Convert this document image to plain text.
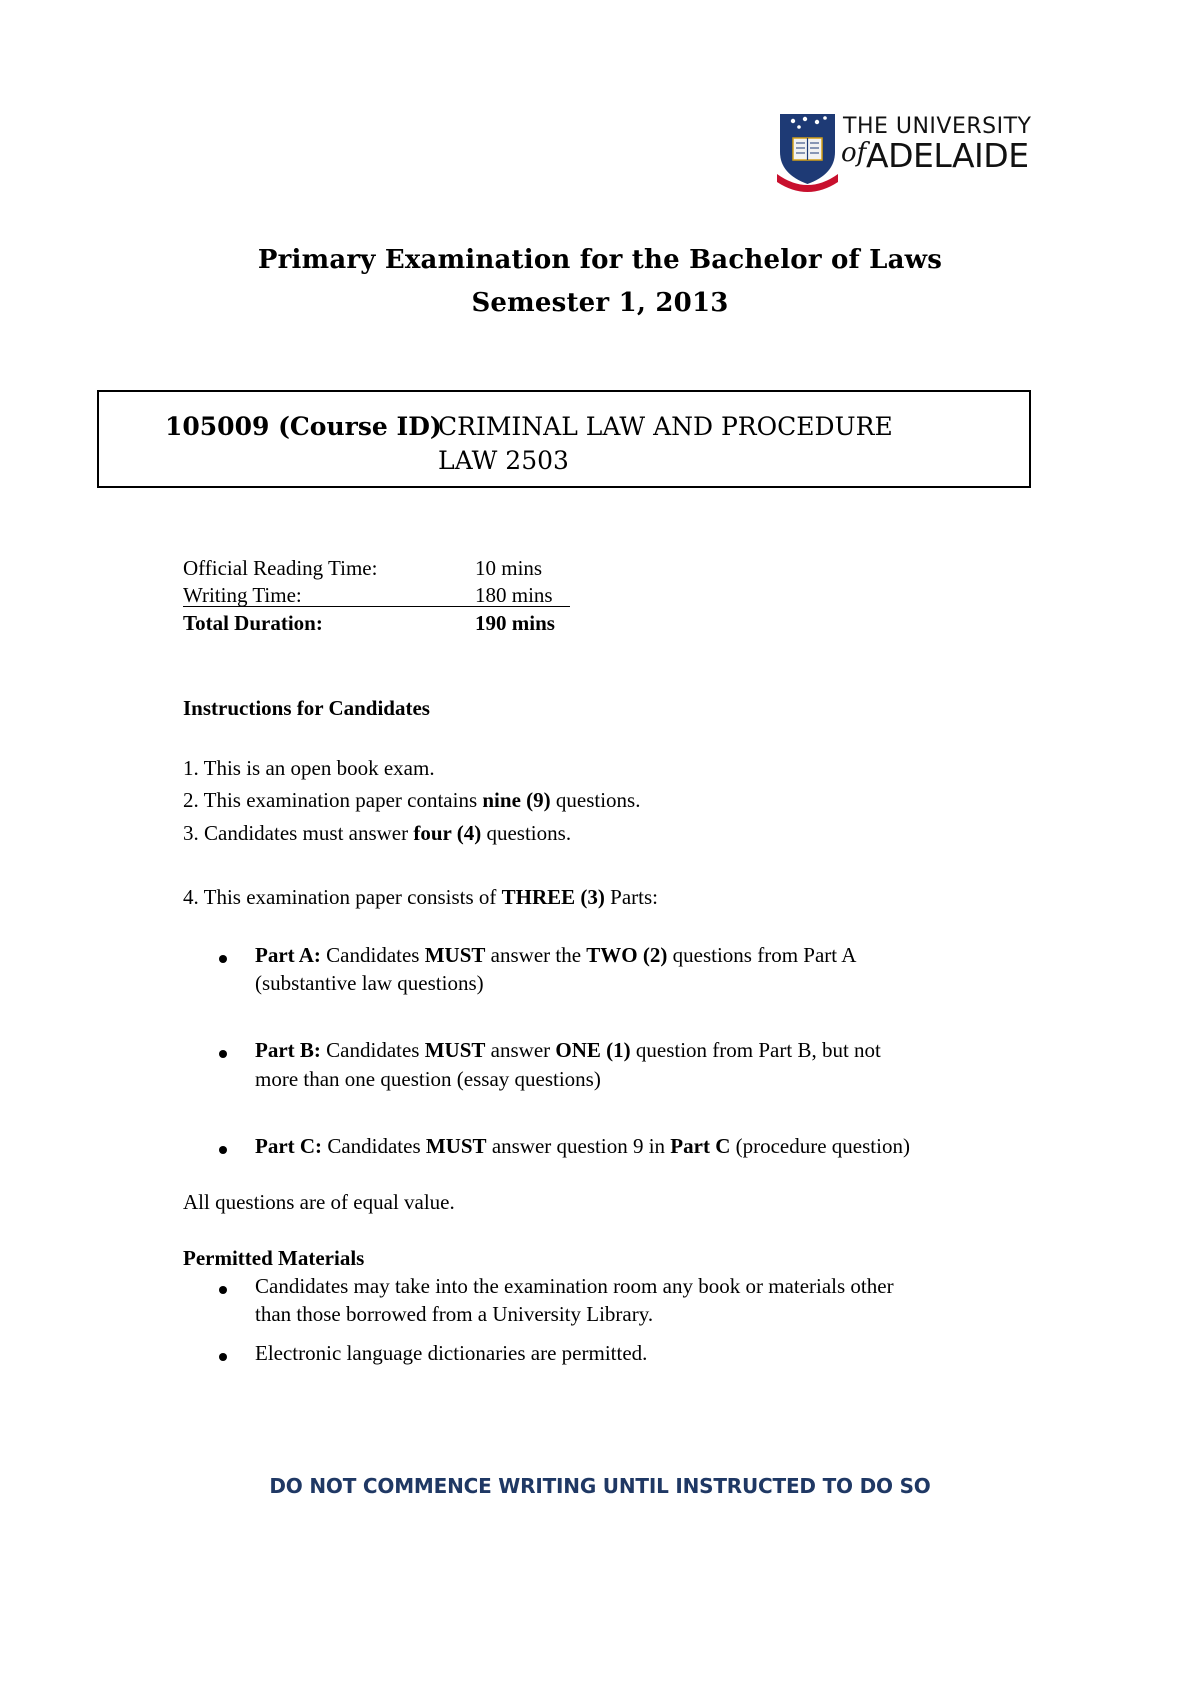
THE UNIVERSITY
of ADELAIDE
Primary Examination for the Bachelor of Laws
Semester 1, 2013
105009 (Course ID)
CRIMINAL LAW AND PROCEDURE
LAW 2503
Official Reading Time:	10 mins
Writing Time:	180 mins
Total Duration:	190 mins
Instructions for Candidates
1. This is an open book exam.
2. This examination paper contains nine (9) questions.
3. Candidates must answer four (4) questions.
4. This examination paper consists of THREE (3) Parts:
Part A: Candidates MUST answer the TWO (2) questions from Part A
(substantive law questions)
Part B: Candidates MUST answer ONE (1) question from Part B, but not
more than one question (essay questions)
Part C: Candidates MUST answer question 9 in Part C (procedure question)
All questions are of equal value.
Permitted Materials
Candidates may take into the examination room any book or materials other
than those borrowed from a University Library.
Electronic language dictionaries are permitted.
DO NOT COMMENCE WRITING UNTIL INSTRUCTED TO DO SO
